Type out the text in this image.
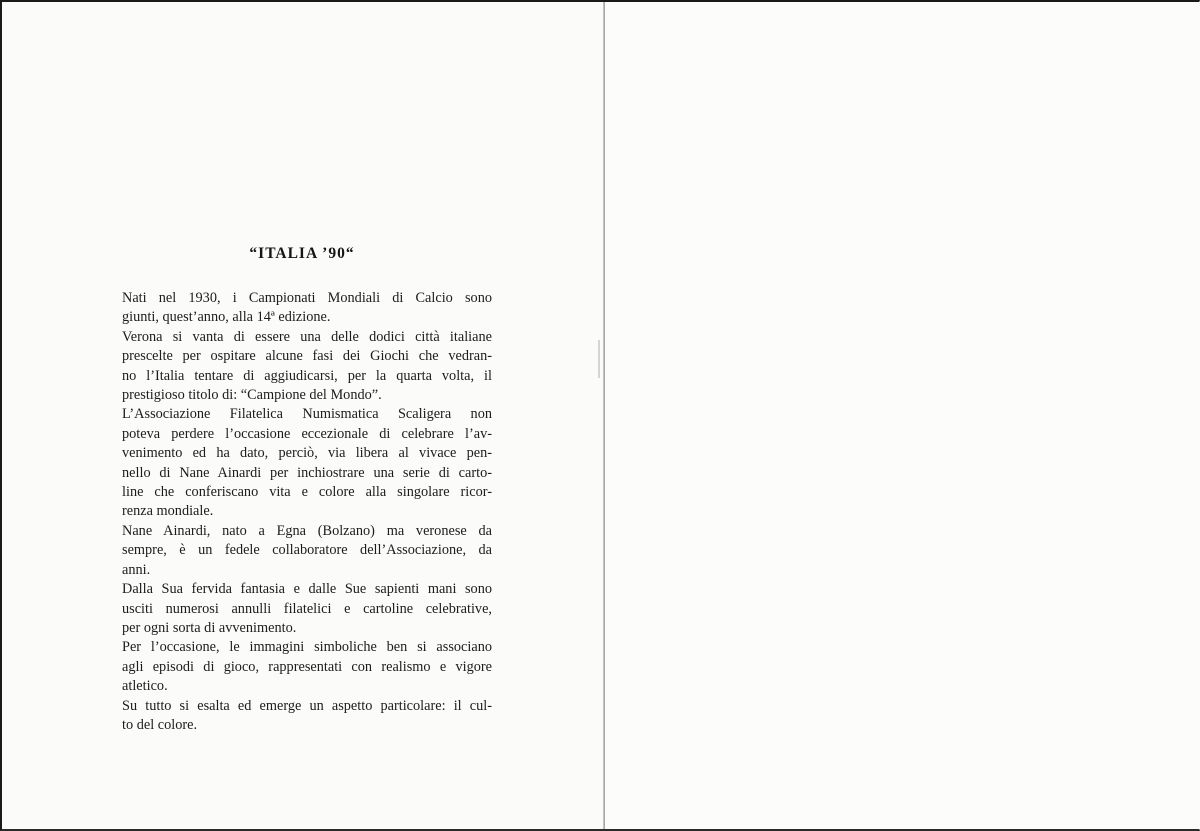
“ITALIA ’90“
Nati nel 1930, i Campionati Mondiali di Calcio sono
giunti, quest’anno, alla 14ª edizione.
Verona si vanta di essere una delle dodici città italiane
prescelte per ospitare alcune fasi dei Giochi che vedran-
no l’Italia tentare di aggiudicarsi, per la quarta volta, il
prestigioso titolo di: “Campione del Mondo”.
L’Associazione Filatelica Numismatica Scaligera non
poteva perdere l’occasione eccezionale di celebrare l’av-
venimento ed ha dato, perciò, via libera al vivace pen-
nello di Nane Ainardi per inchiostrare una serie di carto-
line che conferiscano vita e colore alla singolare ricor-
renza mondiale.
Nane Ainardi, nato a Egna (Bolzano) ma veronese da
sempre, è un fedele collaboratore dell’Associazione, da
anni.
Dalla Sua fervida fantasia e dalle Sue sapienti mani sono
usciti numerosi annulli filatelici e cartoline celebrative,
per ogni sorta di avvenimento.
Per l’occasione, le immagini simboliche ben si associano
agli episodi di gioco, rappresentati con realismo e vigore
atletico.
Su tutto si esalta ed emerge un aspetto particolare: il cul-
to del colore.
